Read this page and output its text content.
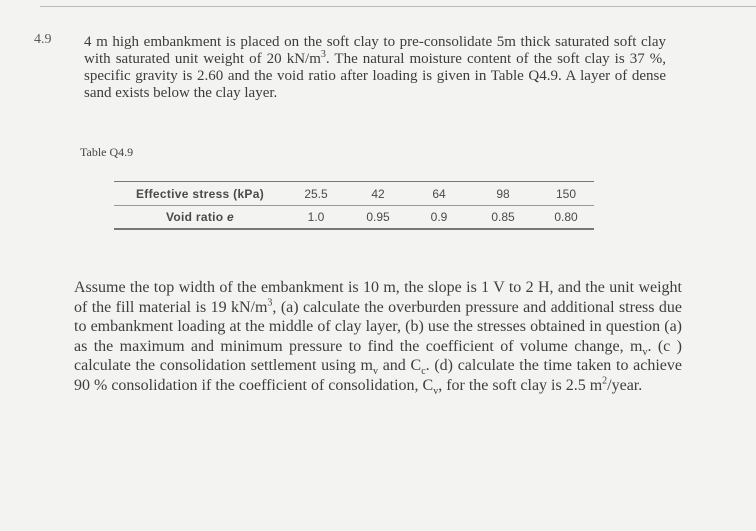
4.9 4 m high embankment is placed on the soft clay to pre-consolidate 5m thick saturated soft clay with saturated unit weight of 20 $kN/m^3$. The natural moisture content of the soft clay is 37 %, specific gravity is 2.60 and the void ratio after loading is given in Table Q4.9. A layer of dense sand exists below the clay layer.
Table Q4.9
Effective stress (kPa)	25.5	42	64	98	150
Void ratio e	1.0	0.95	0.9	0.85	0.80
Assume the top width of the embankment is 10 m, the slope is 1 V to 2 H, and the unit weight of the fill material is 19 $kN/m^3$, (a) calculate the overburden pressure and additional stress due to embankment loading at the middle of clay layer, (b) use the stresses obtained in question (a) as the maximum and minimum pressure to find the coefficient of volume change, $m_v$. (c ) calculate the consolidation settlement using $m_v$ and $C_c$. (d) calculate the time taken to achieve 90 % consolidation if the coefficient of consolidation, $C_v$, for the soft clay is 2.5 $m^2$/year.
